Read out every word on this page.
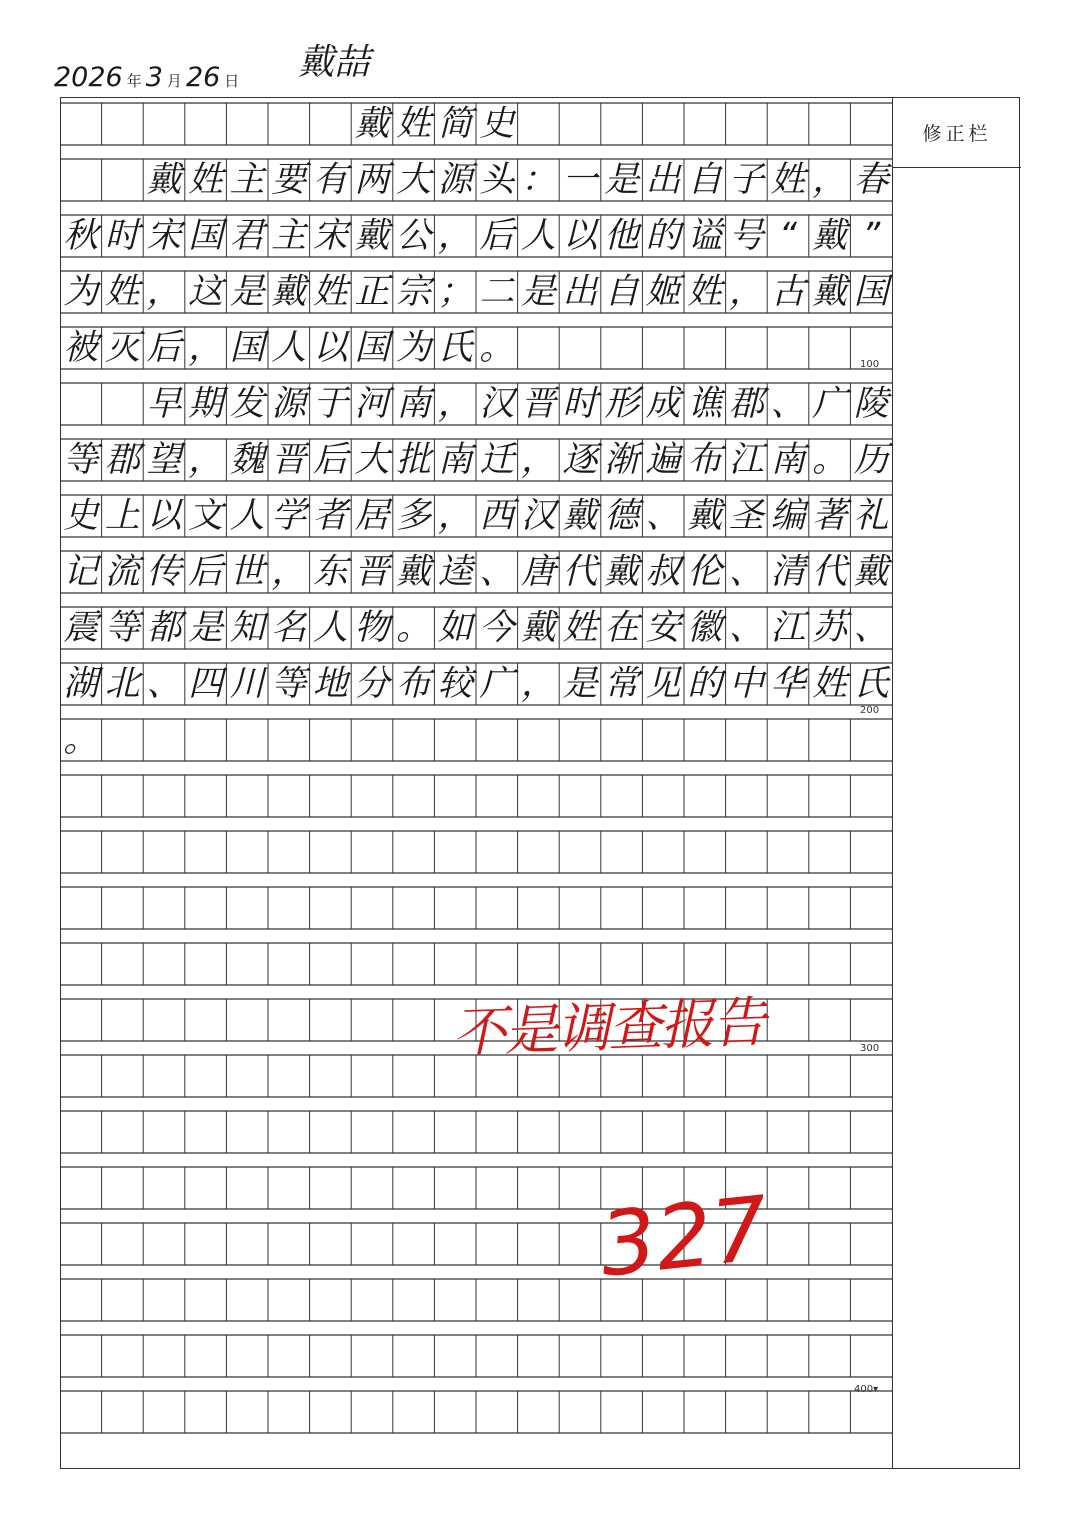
2026 年 3 月 26 日 戴喆
戴 姓 简 史
戴 姓 主 要 有 两 大 源 头 ： 一 是 出 自 子 姓 ， 春
秋 时 宋 国 君 主 宋 戴 公 ， 后 人 以 他 的 谥 号 “ 戴 ”
为 姓 ， 这 是 戴 姓 正 宗 ； 二 是 出 自 姬 姓 ， 古 戴 国
被 灭 后 ， 国 人 以 国 为 氏 。
早 期 发 源 于 河 南 ， 汉 晋 时 形 成 谯 郡 、 广 陵
等 郡 望 ， 魏 晋 后 大 批 南 迁 ， 逐 渐 遍 布 江 南 。 历
史 上 以 文 人 学 者 居 多 ， 西 汉 戴 德 、 戴 圣 编 著 礼
记 流 传 后 世 ， 东 晋 戴 逵 、 唐 代 戴 叔 伦 、 清 代 戴
震 等 都 是 知 名 人 物 。 如 今 戴 姓 在 安 徽 、 江 苏 、
湖 北 、 四 川 等 地 分 布 较 广 ， 是 常 见 的 中 华 姓 氏
。
修正栏
100
200
300
400▾
不是调查报告
327
